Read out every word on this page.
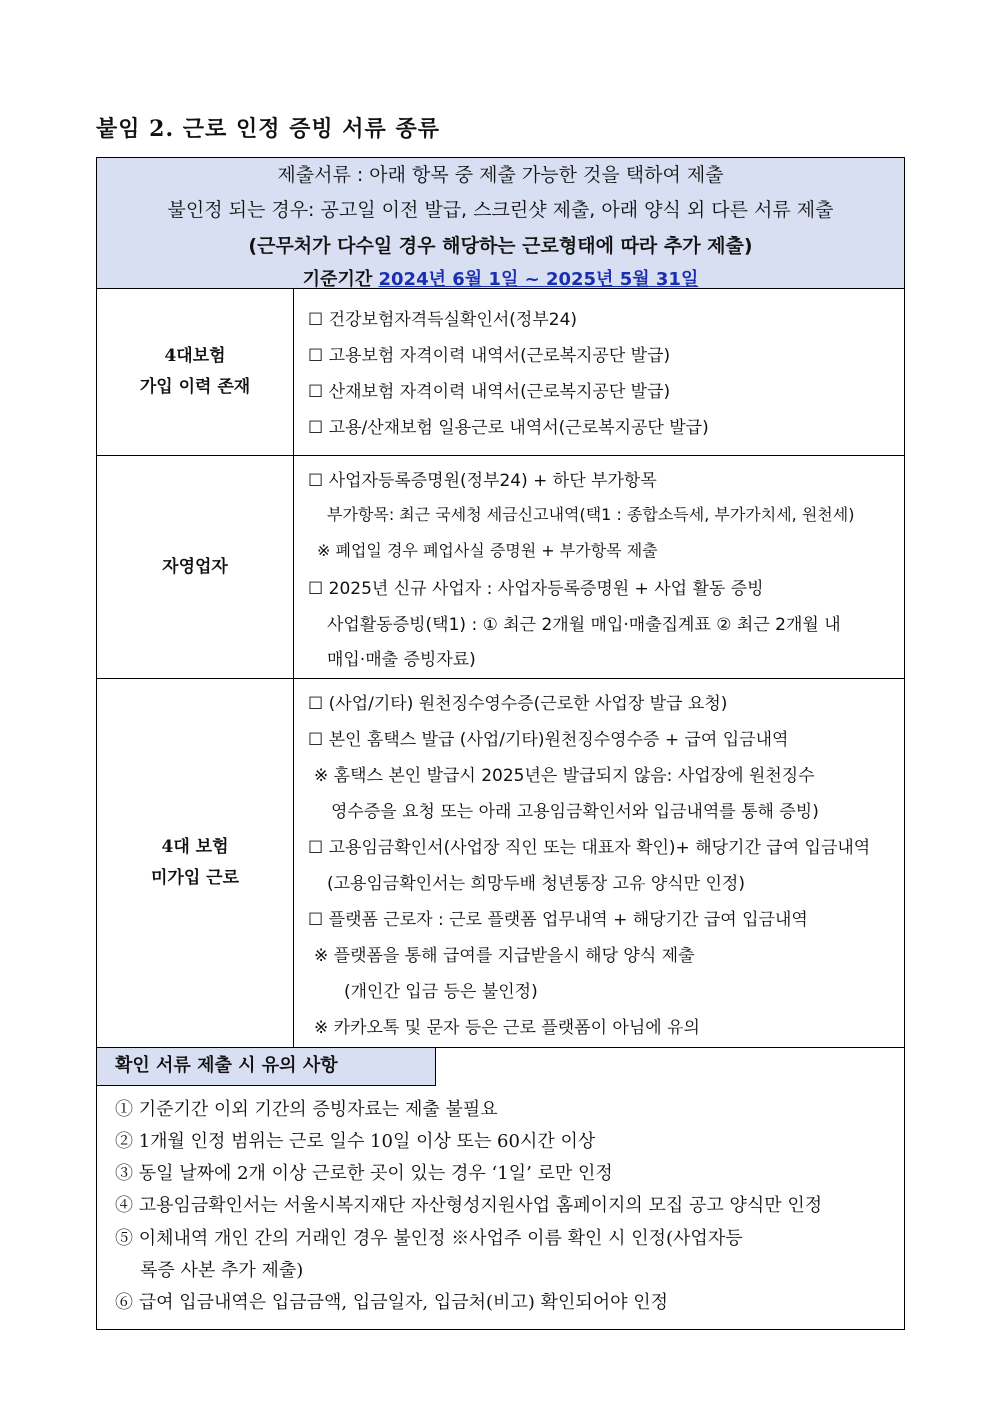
붙임 2. 근로 인정 증빙 서류 종류
제출서류 : 아래 항목 중 제출 가능한 것을 택하여 제출
불인정 되는 경우: 공고일 이전 발급, 스크린샷 제출, 아래 양식 외 다른 서류 제출
(근무처가 다수일 경우 해당하는 근로형태에 따라 추가 제출)
기준기간 2024년 6월 1일 ~ 2025년 5월 31일
4대보험
가입 이력 존재
☐ 건강보험자격득실확인서(정부24)
☐ 고용보험 자격이력 내역서(근로복지공단 발급)
☐ 산재보험 자격이력 내역서(근로복지공단 발급)
☐ 고용/산재보험 일용근로 내역서(근로복지공단 발급)
자영업자
☐ 사업자등록증명원(정부24) + 하단 부가항목
부가항목: 최근 국세청 세금신고내역(택1 : 종합소득세, 부가가치세, 원천세)
※ 폐업일 경우 폐업사실 증명원 + 부가항목 제출
☐ 2025년 신규 사업자 : 사업자등록증명원 + 사업 활동 증빙
사업활동증빙(택1) : ① 최근 2개월 매입·매출집계표 ② 최근 2개월 내
매입·매출 증빙자료)
4대 보험
미가입 근로
☐ (사업/기타) 원천징수영수증(근로한 사업장 발급 요청)
☐ 본인 홈택스 발급 (사업/기타)원천징수영수증 + 급여 입금내역
※ 홈택스 본인 발급시 2025년은 발급되지 않음: 사업장에 원천징수
영수증을 요청 또는 아래 고용임금확인서와 입금내역를 통해 증빙)
☐ 고용임금확인서(사업장 직인 또는 대표자 확인)+ 해당기간 급여 입금내역
(고용임금확인서는 희망두배 청년통장 고유 양식만 인정)
☐ 플랫폼 근로자 : 근로 플랫폼 업무내역 + 해당기간 급여 입금내역
※ 플랫폼을 통해 급여를 지급받을시 해당 양식 제출
(개인간 입금 등은 불인정)
※ 카카오톡 및 문자 등은 근로 플랫폼이 아님에 유의
확인 서류 제출 시 유의 사항
① 기준기간 이외 기간의 증빙자료는 제출 불필요
② 1개월 인정 범위는 근로 일수 10일 이상 또는 60시간 이상
③ 동일 날짜에 2개 이상 근로한 곳이 있는 경우 ‘1일’ 로만 인정
④ 고용임금확인서는 서울시복지재단 자산형성지원사업 홈페이지의 모집 공고 양식만 인정
⑤ 이체내역 개인 간의 거래인 경우 불인정 ※사업주 이름 확인 시 인정(사업자등
록증 사본 추가 제출)
⑥ 급여 입금내역은 입금금액, 입금일자, 입금처(비고) 확인되어야 인정
